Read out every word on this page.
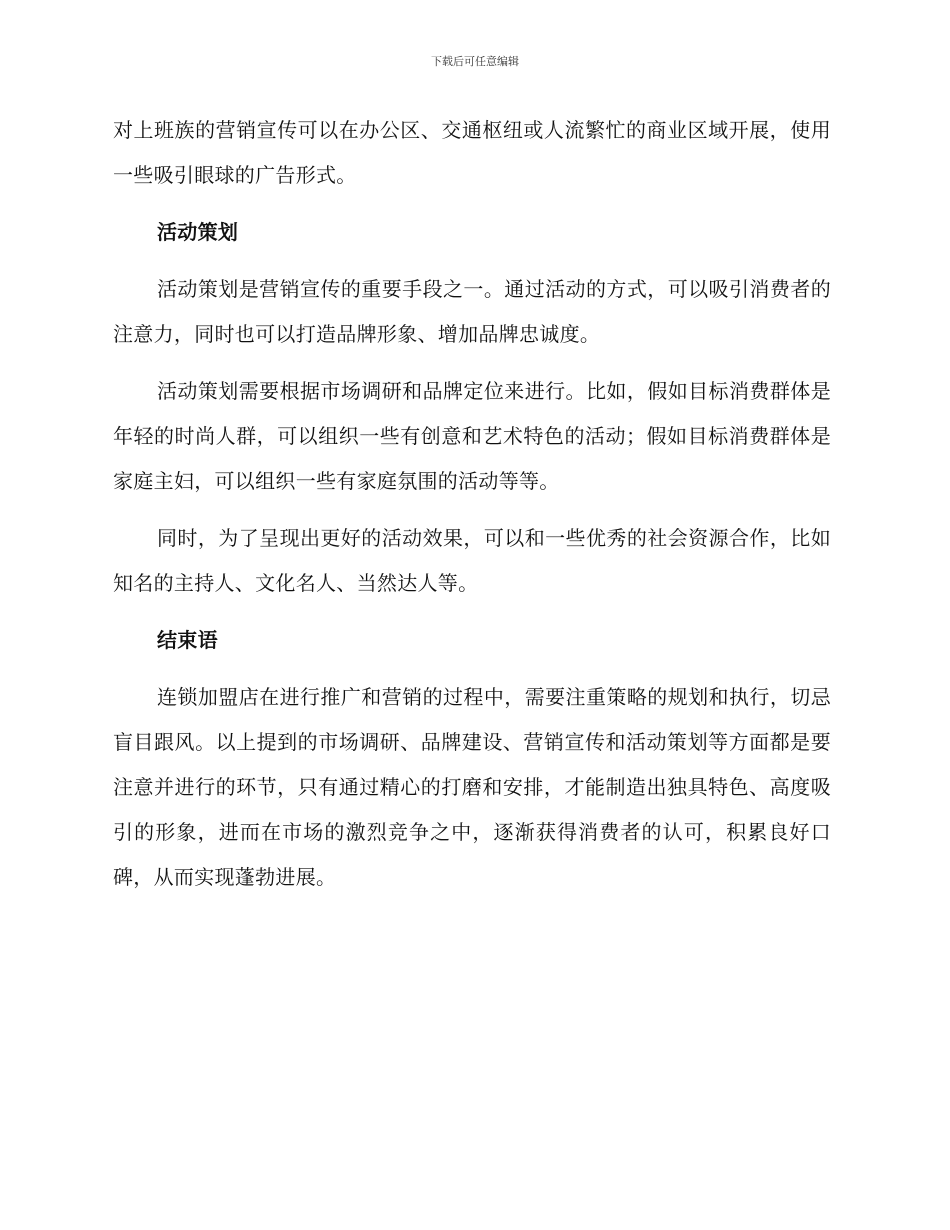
下载后可任意编辑

对上班族的营销宣传可以在办公区、交通枢纽或人流繁忙的商业区域开展，使用一些吸引眼球的广告形式。

活动策划

活动策划是营销宣传的重要手段之一。通过活动的方式，可以吸引消费者的注意力，同时也可以打造品牌形象、增加品牌忠诚度。

活动策划需要根据市场调研和品牌定位来进行。比如，假如目标消费群体是年轻的时尚人群，可以组织一些有创意和艺术特色的活动；假如目标消费群体是家庭主妇，可以组织一些有家庭氛围的活动等等。

同时，为了呈现出更好的活动效果，可以和一些优秀的社会资源合作，比如知名的主持人、文化名人、当然达人等。

结束语

连锁加盟店在进行推广和营销的过程中，需要注重策略的规划和执行，切忌盲目跟风。以上提到的市场调研、品牌建设、营销宣传和活动策划等方面都是要注意并进行的环节，只有通过精心的打磨和安排，才能制造出独具特色、高度吸引的形象，进而在市场的激烈竞争之中，逐渐获得消费者的认可，积累良好口碑，从而实现蓬勃进展。
